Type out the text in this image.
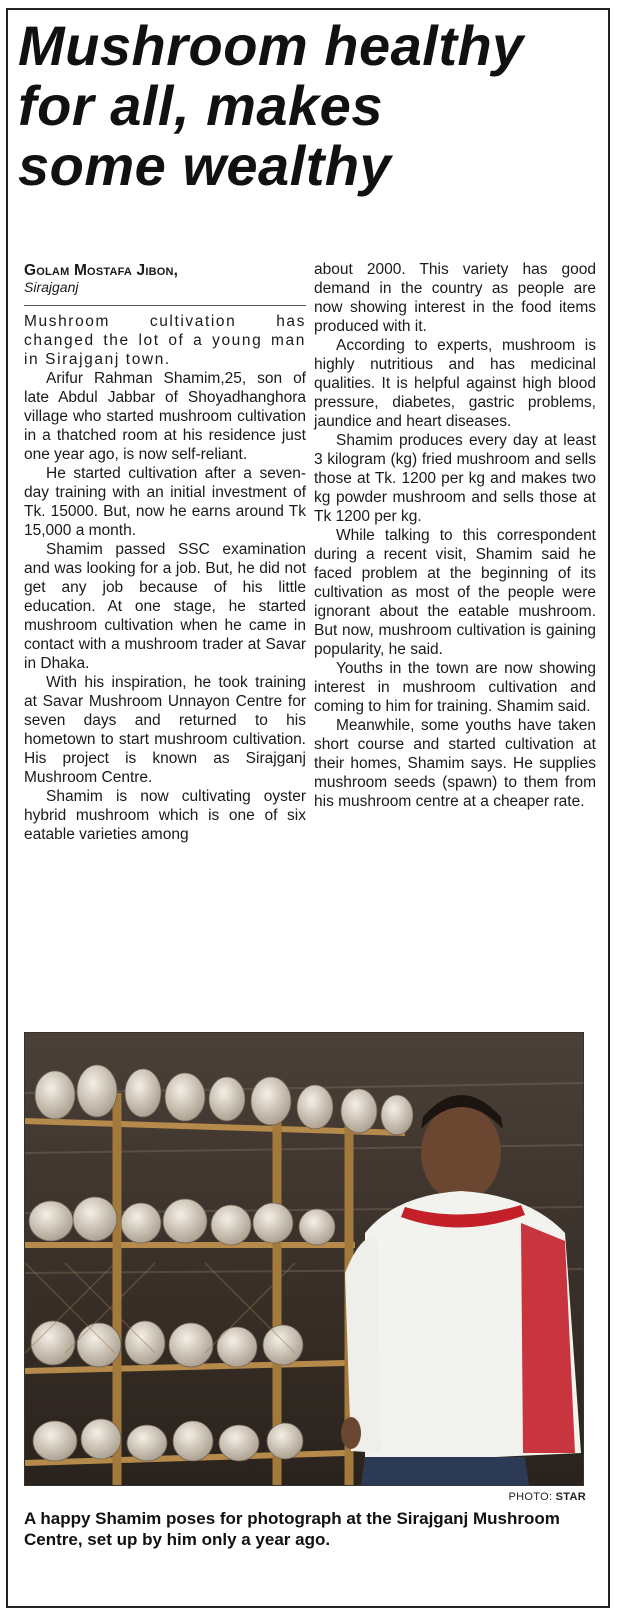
Mushroom healthy
for all, makes
some wealthy
Golam Mostafa Jibon,
Sirajganj

Mushroom cultivation has changed the lot of a young man in Sirajganj town.

Arifur Rahman Shamim,25, son of late Abdul Jabbar of Shoyadhanghora village who started mushroom cultivation in a thatched room at his residence just one year ago, is now self-reliant.

He started cultivation after a seven-day training with an initial investment of Tk. 15000. But, now he earns around Tk 15,000 a month.

Shamim passed SSC examination and was looking for a job. But, he did not get any job because of his little education. At one stage, he started mushroom cultivation when he came in contact with a mushroom trader at Savar in Dhaka.

With his inspiration, he took training at Savar Mushroom Unnayon Centre for seven days and returned to his hometown to start mushroom cultivation. His project is known as Sirajganj Mushroom Centre.

Shamim is now cultivating oyster hybrid mushroom which is one of six eatable varieties among

about 2000. This variety has good demand in the country as people are now showing interest in the food items produced with it.

According to experts, mushroom is highly nutritious and has medicinal qualities. It is helpful against high blood pressure, diabetes, gastric problems, jaundice and heart diseases.

Shamim produces every day at least 3 kilogram (kg) fried mushroom and sells those at Tk. 1200 per kg and makes two kg powder mushroom and sells those at Tk 1200 per kg.

While talking to this correspondent during a recent visit, Shamim said he faced problem at the beginning of its cultivation as most of the people were ignorant about the eatable mushroom. But now, mushroom cultivation is gaining popularity, he said.

Youths in the town are now showing interest in mushroom cultivation and coming to him for training. Shamim said.

Meanwhile, some youths have taken short course and started cultivation at their homes, Shamim says. He supplies mushroom seeds (spawn) to them from his mushroom centre at a cheaper rate.

PHOTO: STAR
A happy Shamim poses for photograph at the Sirajganj Mushroom Centre, set up by him only a year ago.
